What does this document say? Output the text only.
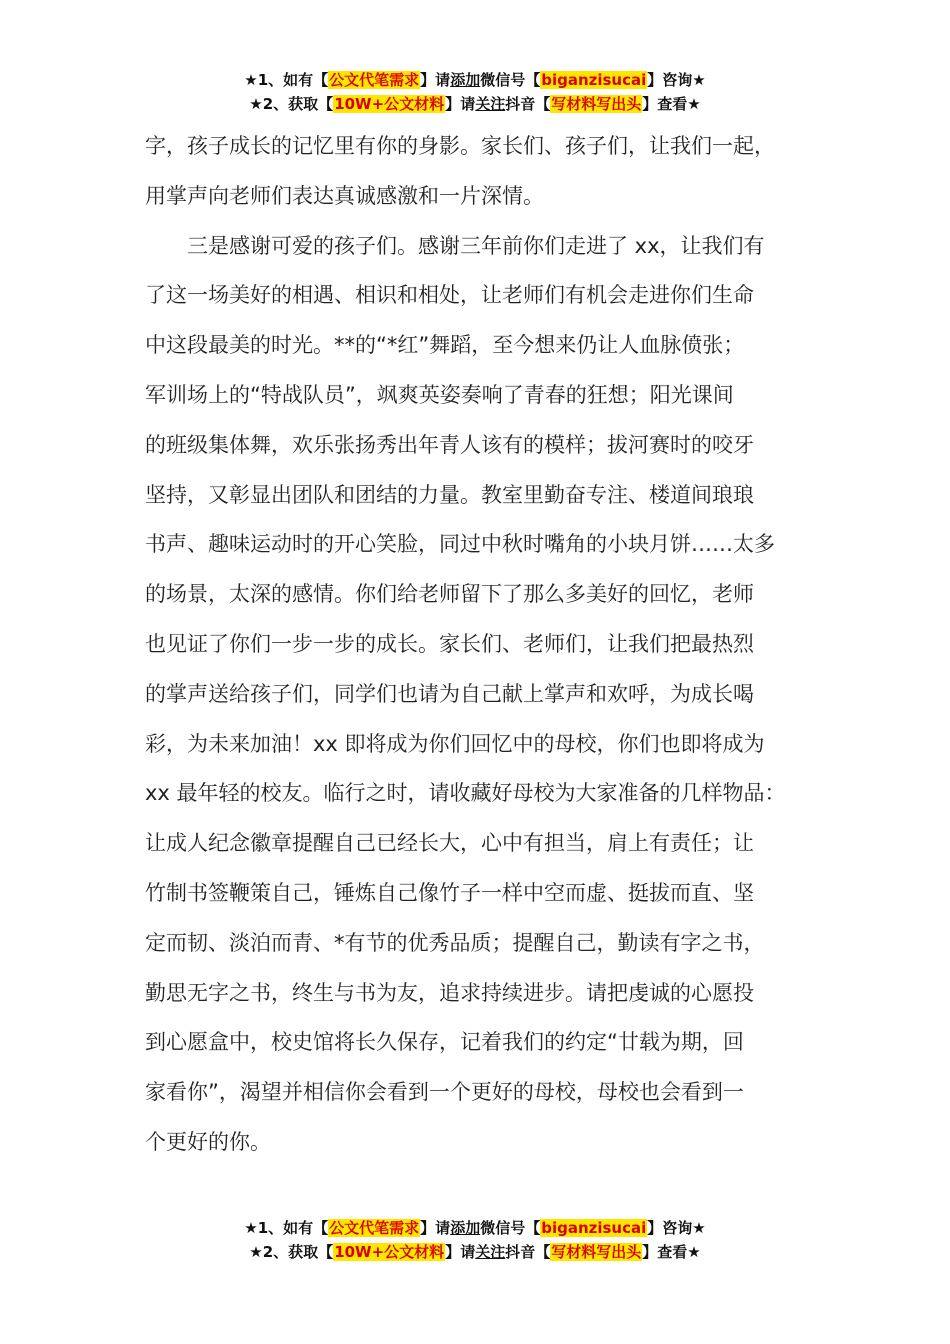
★1、如有【公文代笔需求】请添加微信号【biganzisucai】咨询★
★2、获取【10W+公文材料】请关注抖音【写材料写出头】查看★
字，孩子成长的记忆里有你的身影。家长们、孩子们，让我们一起，
用掌声向老师们表达真诚感激和一片深情。
　　三是感谢可爱的孩子们。感谢三年前你们走进了 xx，让我们有
了这一场美好的相遇、相识和相处，让老师们有机会走进你们生命
中这段最美的时光。**的“*红”舞蹈，至今想来仍让人血脉偾张；
军训场上的“特战队员”，飒爽英姿奏响了青春的狂想；阳光课间
的班级集体舞，欢乐张扬秀出年青人该有的模样；拔河赛时的咬牙
坚持，又彰显出团队和团结的力量。教室里勤奋专注、楼道间琅琅
书声、趣味运动时的开心笑脸，同过中秋时嘴角的小块月饼……太多
的场景，太深的感情。你们给老师留下了那么多美好的回忆，老师
也见证了你们一步一步的成长。家长们、老师们，让我们把最热烈
的掌声送给孩子们，同学们也请为自己献上掌声和欢呼，为成长喝
彩，为未来加油！xx 即将成为你们回忆中的母校，你们也即将成为
xx 最年轻的校友。临行之时，请收藏好母校为大家准备的几样物品：
让成人纪念徽章提醒自己已经长大，心中有担当，肩上有责任；让
竹制书签鞭策自己，锤炼自己像竹子一样中空而虚、挺拔而直、坚
定而韧、淡泊而青、*有节的优秀品质；提醒自己，勤读有字之书，
勤思无字之书，终生与书为友，追求持续进步。请把虔诚的心愿投
到心愿盒中，校史馆将长久保存，记着我们的约定“廿载为期，回
家看你”，渴望并相信你会看到一个更好的母校，母校也会看到一
个更好的你。
★1、如有【公文代笔需求】请添加微信号【biganzisucai】咨询★
★2、获取【10W+公文材料】请关注抖音【写材料写出头】查看★
